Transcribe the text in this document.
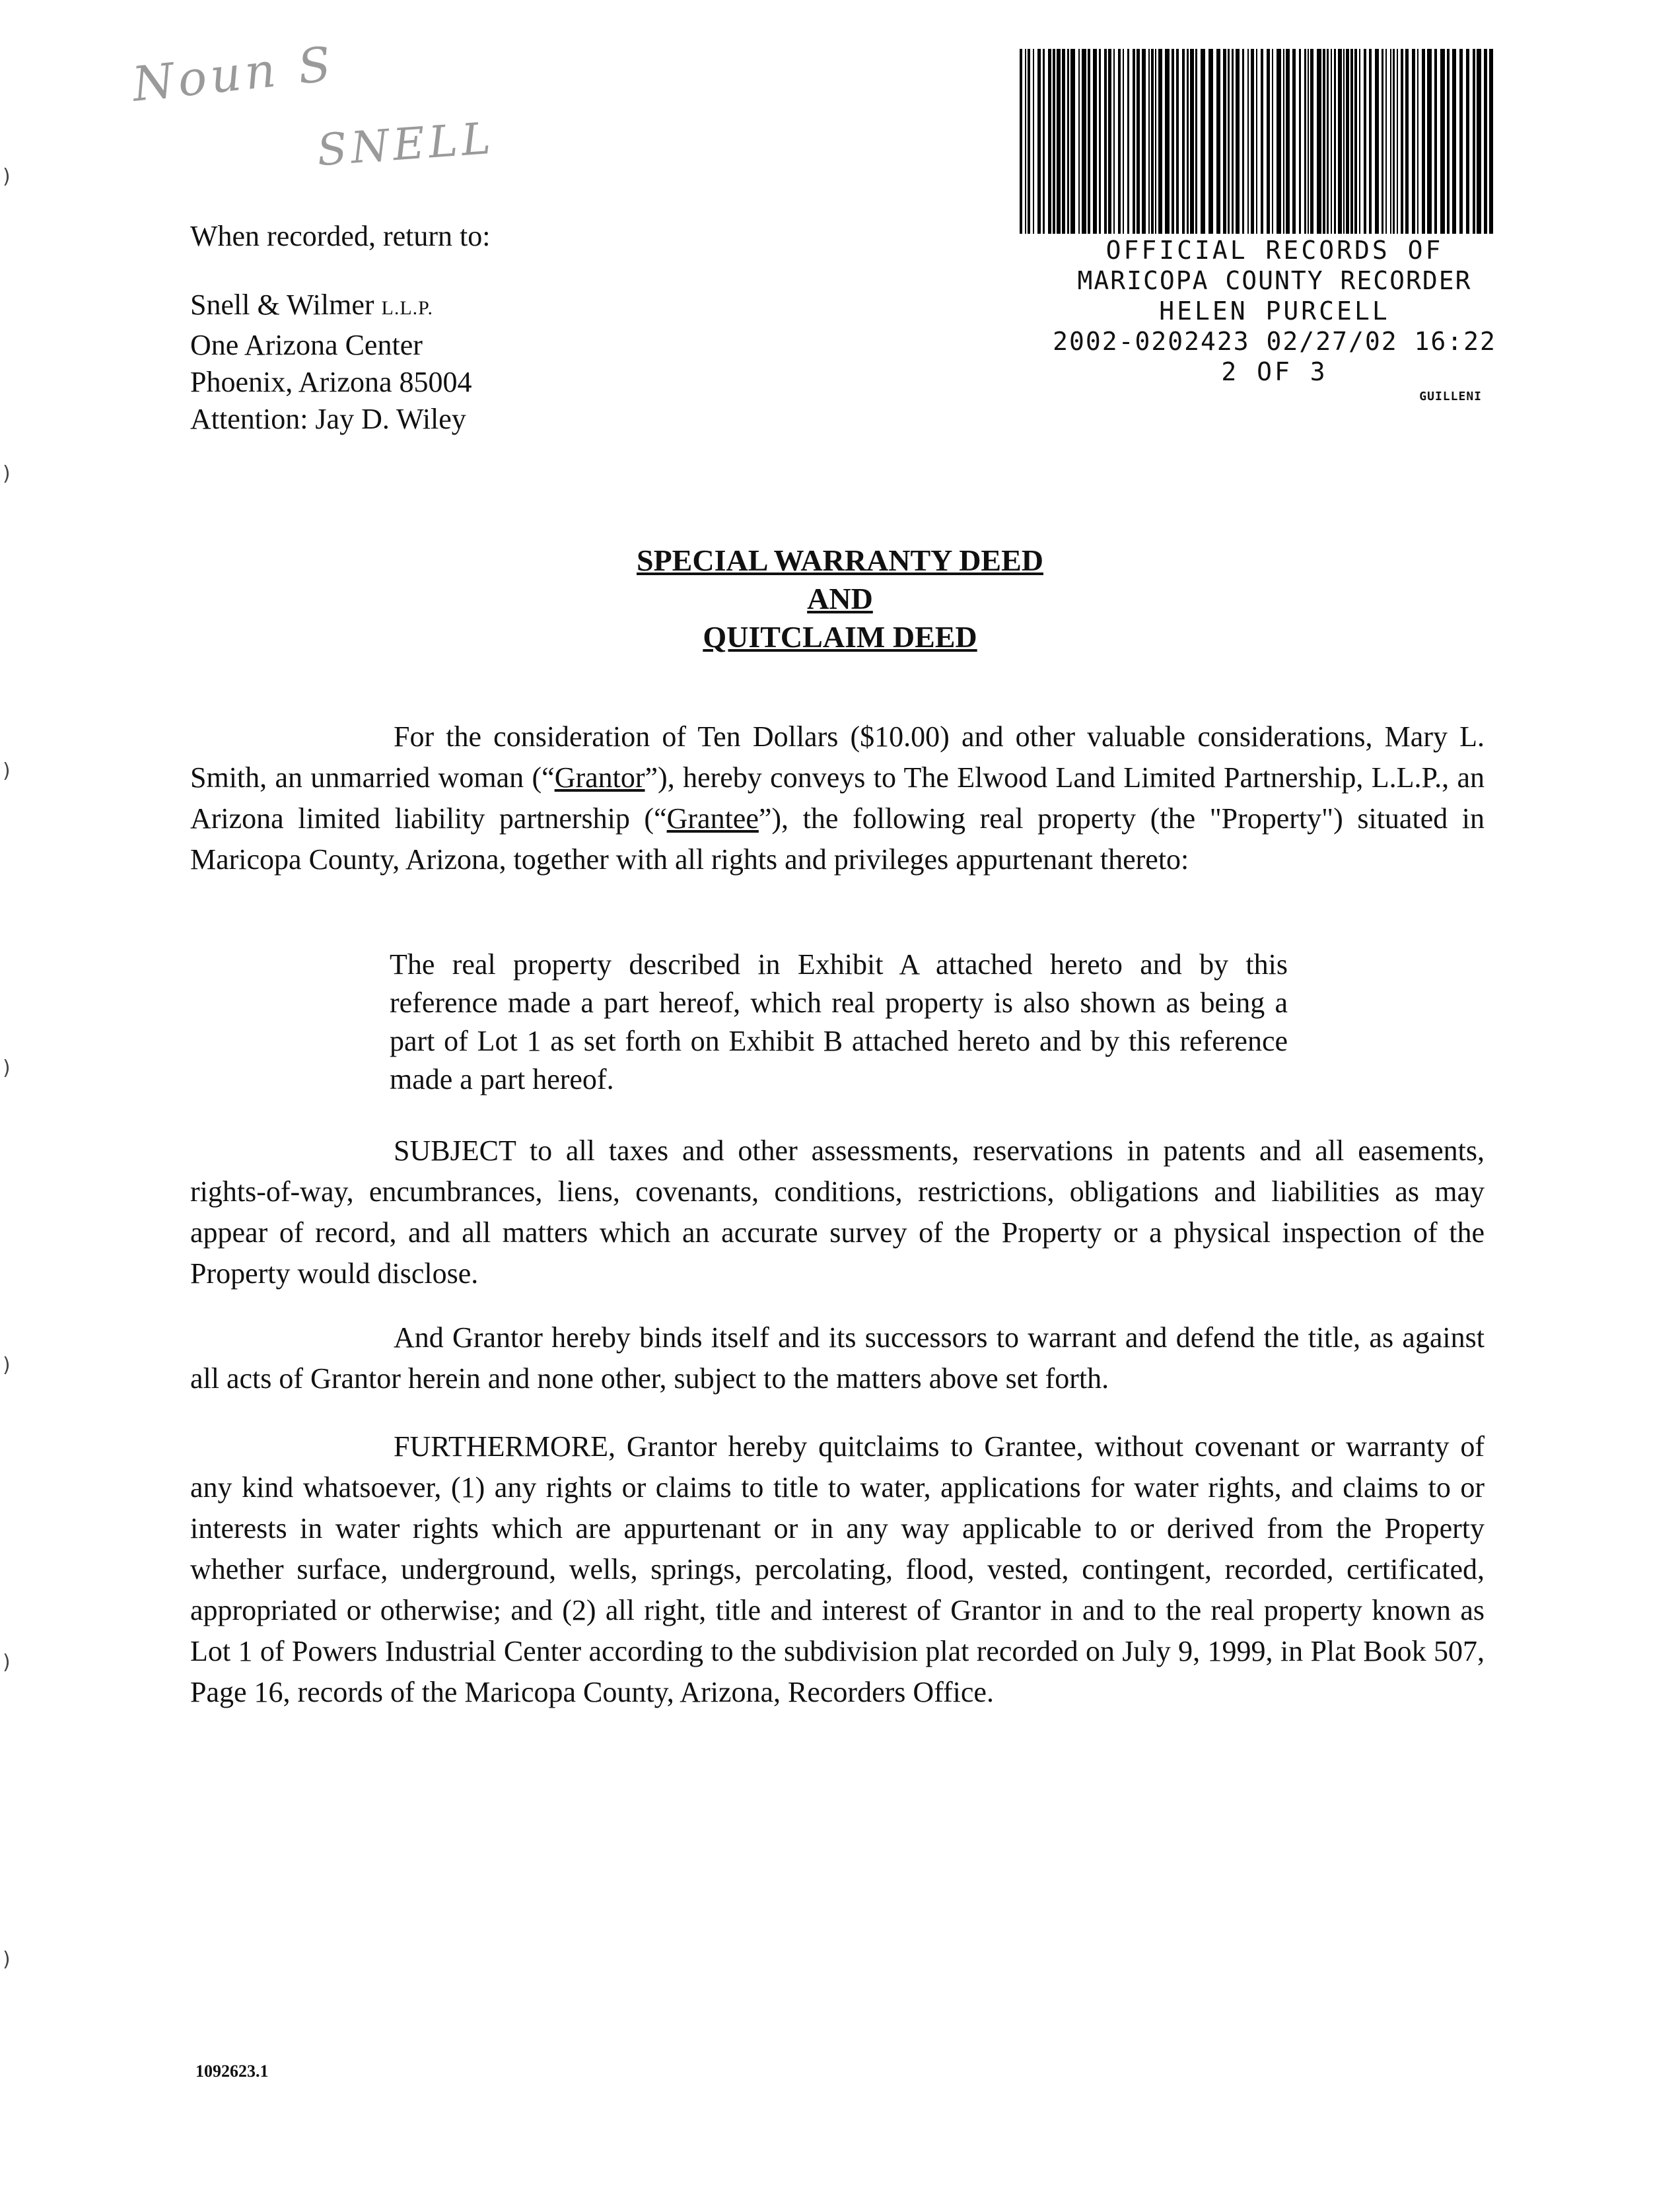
Noun S
SNELL
)
)
)
)
)
)
)
When recorded, return to:
Snell & Wilmer L.L.P.
One Arizona Center
Phoenix, Arizona 85004
Attention: Jay D. Wiley
OFFICIAL RECORDS OF
MARICOPA COUNTY RECORDER
HELEN PURCELL
2002-0202423 02/27/02 16:22
2 OF 3
GUILLENI
SPECIAL WARRANTY DEED
AND
QUITCLAIM DEED
For the consideration of Ten Dollars ($10.00) and other valuable considerations, Mary L. Smith, an unmarried woman (“Grantor”), hereby conveys to The Elwood Land Limited Partnership, L.L.P., an Arizona limited liability partnership (“Grantee”), the following real property (the "Property") situated in Maricopa County, Arizona, together with all rights and privileges appurtenant thereto:
The real property described in Exhibit A attached hereto and by this reference made a part hereof, which real property is also shown as being a part of Lot 1 as set forth on Exhibit B attached hereto and by this reference made a part hereof.
SUBJECT to all taxes and other assessments, reservations in patents and all easements, rights-of-way, encumbrances, liens, covenants, conditions, restrictions, obligations and liabilities as may appear of record, and all matters which an accurate survey of the Property or a physical inspection of the Property would disclose.
And Grantor hereby binds itself and its successors to warrant and defend the title, as against all acts of Grantor herein and none other, subject to the matters above set forth.
FURTHERMORE, Grantor hereby quitclaims to Grantee, without covenant or warranty of any kind whatsoever, (1) any rights or claims to title to water, applications for water rights, and claims to or interests in water rights which are appurtenant or in any way applicable to or derived from the Property whether surface, underground, wells, springs, percolating, flood, vested, contingent, recorded, certificated, appropriated or otherwise; and (2) all right, title and interest of Grantor in and to the real property known as Lot 1 of Powers Industrial Center according to the subdivision plat recorded on July 9, 1999, in Plat Book 507, Page 16, records of the Maricopa County, Arizona, Recorders Office.
1092623.1
